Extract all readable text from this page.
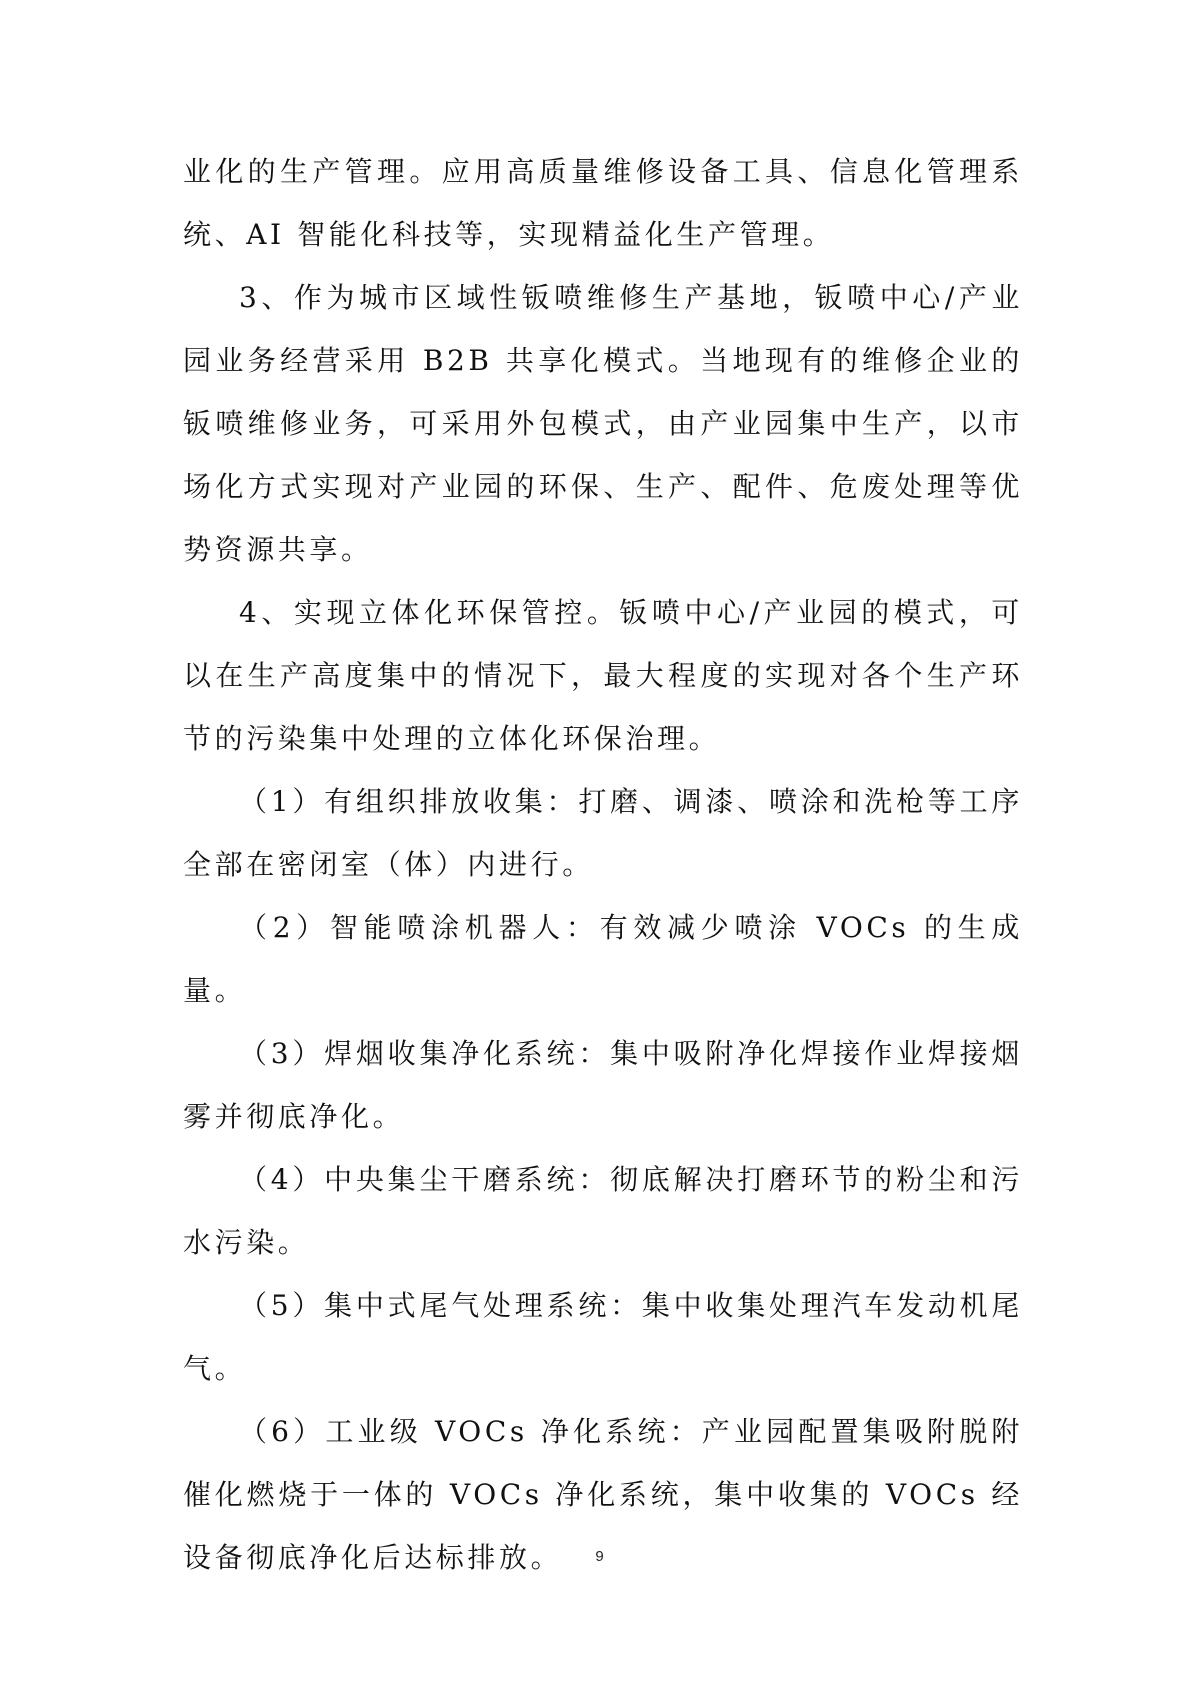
业化的生产管理。应用高质量维修设备工具、信息化管理系统、AI 智能化科技等，实现精益化生产管理。

3、作为城市区域性钣喷维修生产基地，钣喷中心/产业园业务经营采用 B2B 共享化模式。当地现有的维修企业的钣喷维修业务，可采用外包模式，由产业园集中生产，以市场化方式实现对产业园的环保、生产、配件、危废处理等优势资源共享。

4、实现立体化环保管控。钣喷中心/产业园的模式，可以在生产高度集中的情况下，最大程度的实现对各个生产环节的污染集中处理的立体化环保治理。

（1）有组织排放收集：打磨、调漆、喷涂和洗枪等工序全部在密闭室（体）内进行。

（2）智能喷涂机器人：有效减少喷涂 VOCs 的生成量。

（3）焊烟收集净化系统：集中吸附净化焊接作业焊接烟雾并彻底净化。

（4）中央集尘干磨系统：彻底解决打磨环节的粉尘和污水污染。

（5）集中式尾气处理系统：集中收集处理汽车发动机尾气。

（6）工业级 VOCs 净化系统：产业园配置集吸附脱附催化燃烧于一体的 VOCs 净化系统，集中收集的 VOCs 经设备彻底净化后达标排放。	9
